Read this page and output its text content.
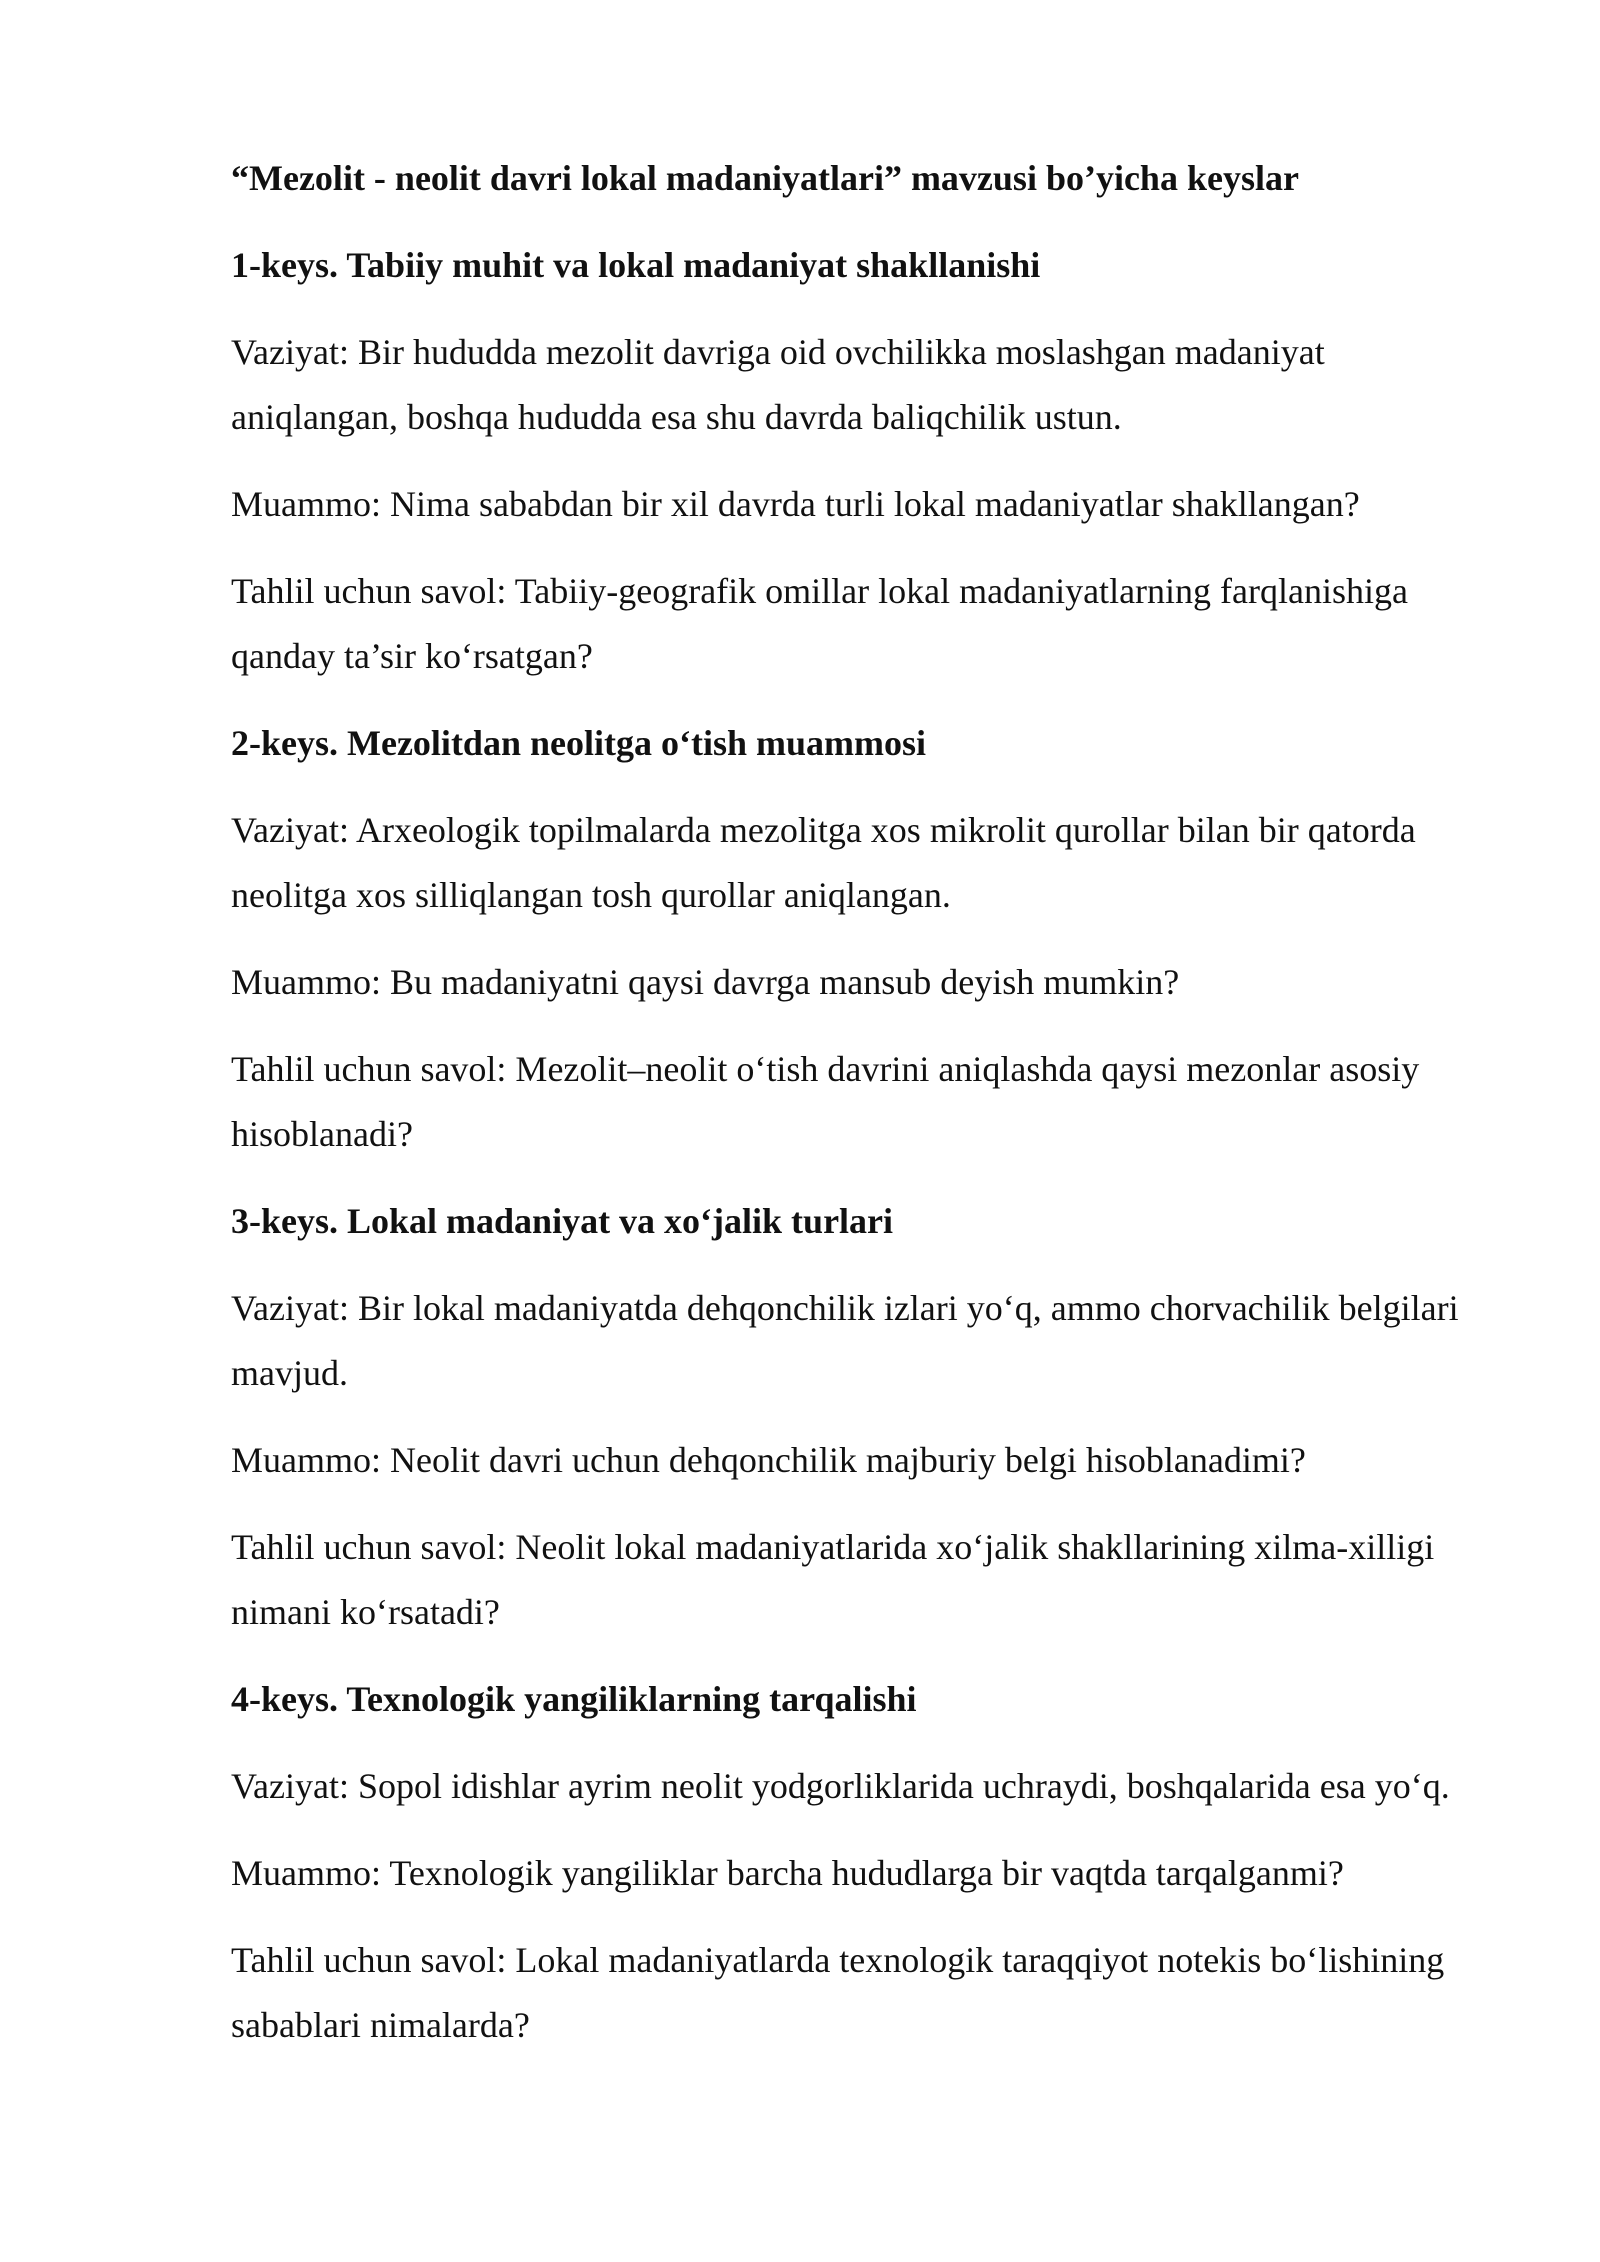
“Mezolit - neolit davri lokal madaniyatlari” mavzusi bo’yicha keyslar
1-keys. Tabiiy muhit va lokal madaniyat shakllanishi

Vaziyat: Bir hududda mezolit davriga oid ovchilikka moslashgan madaniyat aniqlangan, boshqa hududda esa shu davrda baliqchilik ustun.

Muammo: Nima sababdan bir xil davrda turli lokal madaniyatlar shakllangan?

Tahlil uchun savol: Tabiiy-geografik omillar lokal madaniyatlarning farqlanishiga qanday ta’sir ko‘rsatgan?

2-keys. Mezolitdan neolitga o‘tish muammosi

Vaziyat: Arxeologik topilmalarda mezolitga xos mikrolit qurollar bilan bir qatorda neolitga xos silliqlangan tosh qurollar aniqlangan.

Muammo: Bu madaniyatni qaysi davrga mansub deyish mumkin?

Tahlil uchun savol: Mezolit–neolit o‘tish davrini aniqlashda qaysi mezonlar asosiy hisoblanadi?

3-keys. Lokal madaniyat va xo‘jalik turlari

Vaziyat: Bir lokal madaniyatda dehqonchilik izlari yo‘q, ammo chorvachilik belgilari mavjud.

Muammo: Neolit davri uchun dehqonchilik majburiy belgi hisoblanadimi?

Tahlil uchun savol: Neolit lokal madaniyatlarida xo‘jalik shakllarining xilma-xilligi nimani ko‘rsatadi?

4-keys. Texnologik yangiliklarning tarqalishi

Vaziyat: Sopol idishlar ayrim neolit yodgorliklarida uchraydi, boshqalarida esa yo‘q.

Muammo: Texnologik yangiliklar barcha hududlarga bir vaqtda tarqalganmi?

Tahlil uchun savol: Lokal madaniyatlarda texnologik taraqqiyot notekis bo‘lishining sabablari nimalarda?
